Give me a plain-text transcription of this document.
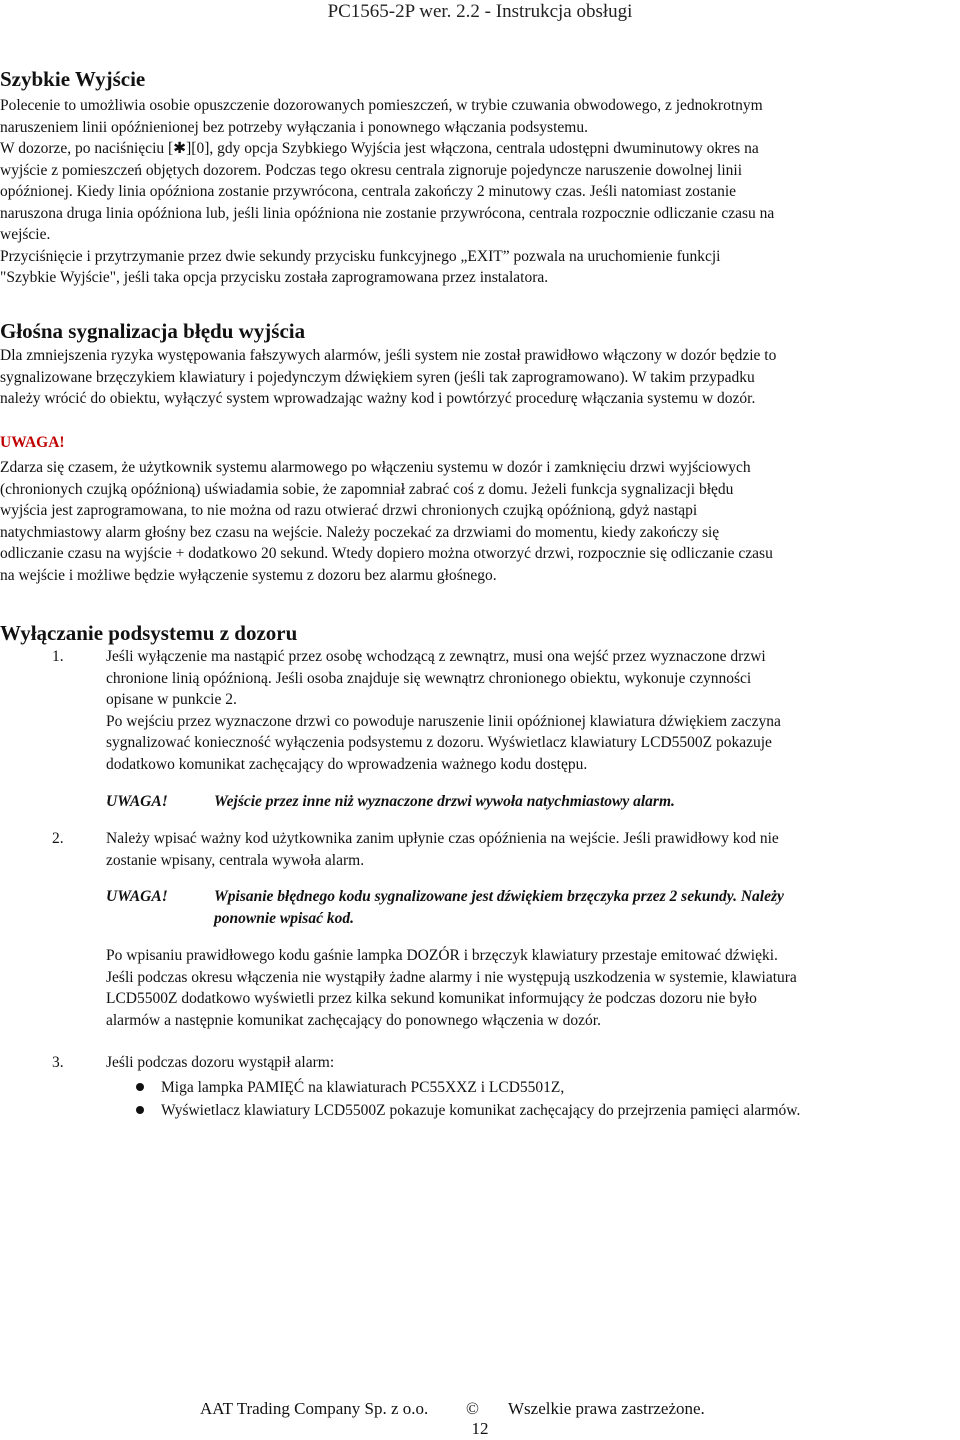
PC1565-2P wer. 2.2 - Instrukcja obsługi
Szybkie Wyjście
Polecenie to umożliwia osobie opuszczenie dozorowanych pomieszczeń, w trybie czuwania obwodowego, z jednokrotnym
naruszeniem linii opóźnienionej bez potrzeby wyłączania i ponownego włączania podsystemu.
W dozorze, po naciśnięciu [✱][0], gdy opcja Szybkiego Wyjścia jest włączona, centrala udostępni dwuminutowy okres na
wyjście z pomieszczeń objętych dozorem. Podczas tego okresu centrala zignoruje pojedyncze naruszenie dowolnej linii
opóźnionej. Kiedy linia opóźniona zostanie przywrócona, centrala zakończy 2 minutowy czas. Jeśli natomiast zostanie
naruszona druga linia opóźniona lub, jeśli linia opóźniona nie zostanie przywrócona, centrala rozpocznie odliczanie czasu na
wejście.
Przyciśnięcie i przytrzymanie przez dwie sekundy przycisku funkcyjnego „EXIT” pozwala na uruchomienie funkcji
"Szybkie Wyjście", jeśli taka opcja przycisku została zaprogramowana przez instalatora.
Głośna sygnalizacja błędu wyjścia
Dla zmniejszenia ryzyka występowania fałszywych alarmów, jeśli system nie został prawidłowo włączony w dozór będzie to
sygnalizowane brzęczykiem klawiatury i pojedynczym dźwiękiem syren (jeśli tak zaprogramowano). W takim przypadku
należy wrócić do obiektu, wyłączyć system wprowadzając ważny kod i powtórzyć procedurę włączania systemu w dozór.
UWAGA!
Zdarza się czasem, że użytkownik systemu alarmowego po włączeniu systemu w dozór i zamknięciu drzwi wyjściowych
(chronionych czujką opóźnioną) uświadamia sobie, że zapomniał zabrać coś z domu. Jeżeli funkcja sygnalizacji błędu
wyjścia jest zaprogramowana, to nie można od razu otwierać drzwi chronionych czujką opóźnioną, gdyż nastąpi
natychmiastowy alarm głośny bez czasu na wejście. Należy poczekać za drzwiami do momentu, kiedy zakończy się
odliczanie czasu na wyjście + dodatkowo 20 sekund. Wtedy dopiero można otworzyć drzwi, rozpocznie się odliczanie czasu
na wejście i możliwe będzie wyłączenie systemu z dozoru bez alarmu głośnego.
Wyłączanie podsystemu z dozoru
1.	Jeśli wyłączenie ma nastąpić przez osobę wchodzącą z zewnątrz, musi ona wejść przez wyznaczone drzwi
chronione linią opóźnioną. Jeśli osoba znajduje się wewnątrz chronionego obiektu, wykonuje czynności
opisane w punkcie 2.
Po wejściu przez wyznaczone drzwi co powoduje naruszenie linii opóźnionej klawiatura dźwiękiem zaczyna
sygnalizować konieczność wyłączenia podsystemu z dozoru. Wyświetlacz klawiatury LCD5500Z pokazuje
dodatkowo komunikat zachęcający do wprowadzenia ważnego kodu dostępu.
UWAGA!	Wejście przez inne niż wyznaczone drzwi wywoła natychmiastowy alarm.
2.	Należy wpisać ważny kod użytkownika zanim upłynie czas opóźnienia na wejście. Jeśli prawidłowy kod nie
zostanie wpisany, centrala wywoła alarm.
UWAGA!	Wpisanie błędnego kodu sygnalizowane jest dźwiękiem brzęczyka przez 2 sekundy. Należy
ponownie wpisać kod.
Po wpisaniu prawidłowego kodu gaśnie lampka DOZÓR i brzęczyk klawiatury przestaje emitować dźwięki.
Jeśli podczas okresu włączenia nie wystąpiły żadne alarmy i nie występują uszkodzenia w systemie, klawiatura
LCD5500Z dodatkowo wyświetli przez kilka sekund komunikat informujący że podczas dozoru nie było
alarmów a następnie komunikat zachęcający do ponownego włączenia w dozór.
3.	Jeśli podczas dozoru wystąpił alarm:
Miga lampka PAMIĘĆ na klawiaturach PC55XXZ i LCD5501Z,
Wyświetlacz klawiatury LCD5500Z pokazuje komunikat zachęcający do przejrzenia pamięci alarmów.
AAT Trading Company Sp. z o.o. © Wszelkie prawa zastrzeżone.
12
